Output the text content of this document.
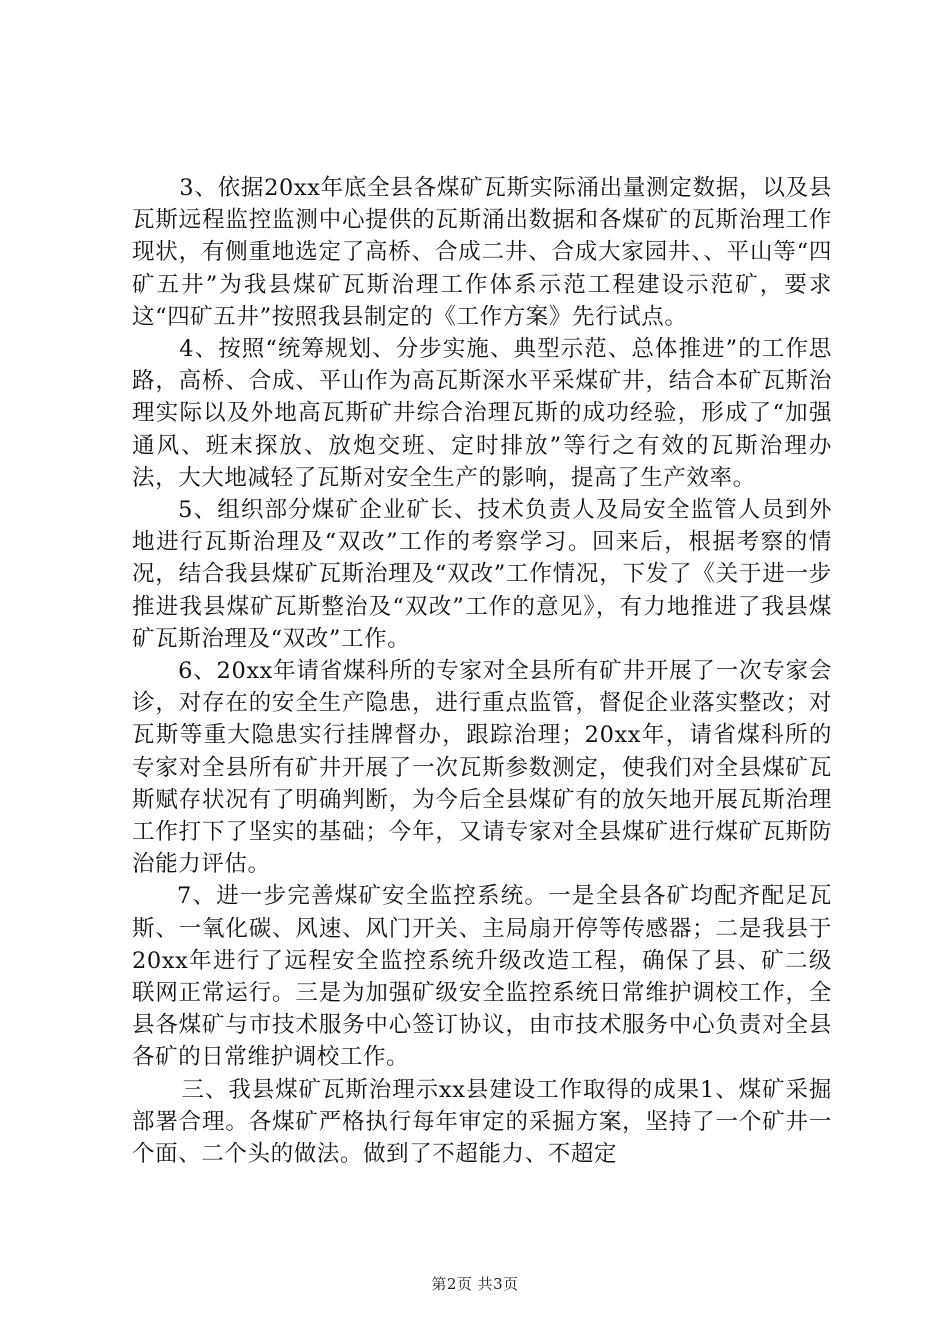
3、依据20xx年底全县各煤矿瓦斯实际涌出量测定数据，以及县瓦斯远程监控监测中心提供的瓦斯涌出数据和各煤矿的瓦斯治理工作现状，有侧重地选定了高桥、合成二井、合成大家园井、、平山等“四矿五井”为我县煤矿瓦斯治理工作体系示范工程建设示范矿，要求这“四矿五井”按照我县制定的《工作方案》先行试点。

4、按照“统筹规划、分步实施、典型示范、总体推进”的工作思路，高桥、合成、平山作为高瓦斯深水平采煤矿井，结合本矿瓦斯治理实际以及外地高瓦斯矿井综合治理瓦斯的成功经验，形成了“加强通风、班末探放、放炮交班、定时排放”等行之有效的瓦斯治理办法，大大地减轻了瓦斯对安全生产的影响，提高了生产效率。

5、组织部分煤矿企业矿长、技术负责人及局安全监管人员到外地进行瓦斯治理及“双改”工作的考察学习。回来后，根据考察的情况，结合我县煤矿瓦斯治理及“双改”工作情况，下发了《关于进一步推进我县煤矿瓦斯整治及“双改”工作的意见》，有力地推进了我县煤矿瓦斯治理及“双改”工作。

6、20xx年请省煤科所的专家对全县所有矿井开展了一次专家会诊，对存在的安全生产隐患，进行重点监管，督促企业落实整改；对瓦斯等重大隐患实行挂牌督办，跟踪治理；20xx年，请省煤科所的专家对全县所有矿井开展了一次瓦斯参数测定，使我们对全县煤矿瓦斯赋存状况有了明确判断，为今后全县煤矿有的放矢地开展瓦斯治理工作打下了坚实的基础；今年，又请专家对全县煤矿进行煤矿瓦斯防治能力评估。

7、进一步完善煤矿安全监控系统。一是全县各矿均配齐配足瓦斯、一氧化碳、风速、风门开关、主局扇开停等传感器；二是我县于20xx年进行了远程安全监控系统升级改造工程，确保了县、矿二级联网正常运行。三是为加强矿级安全监控系统日常维护调校工作，全县各煤矿与市技术服务中心签订协议，由市技术服务中心负责对全县各矿的日常维护调校工作。

三、我县煤矿瓦斯治理示xx县建设工作取得的成果1、煤矿采掘部署合理。各煤矿严格执行每年审定的采掘方案，坚持了一个矿井一个面、二个头的做法。做到了不超能力、不超定

第2页 共3页
